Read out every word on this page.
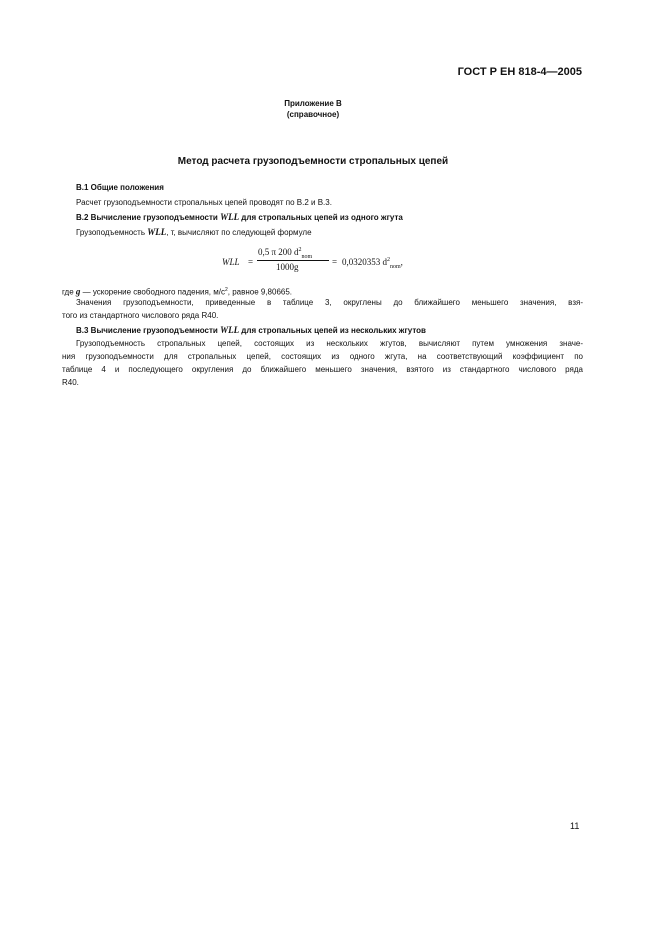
ГОСТ Р ЕН 818-4—2005
Приложение В
(справочное)
Метод расчета грузоподъемности стропальных цепей
В.1 Общие положения
Расчет грузоподъемности стропальных цепей проводят по В.2 и В.3.
В.2 Вычисление грузоподъемности WLL для стропальных цепей из одного жгута
Грузоподъемность WLL, т, вычисляют по следующей формуле
WLL =
0,5 π 200 $d^2_{nom}$
1000g	= 0,0320353 $d^2_{nom}$,
где g — ускорение свободного падения, $м/с^2$, равное 9,80665.
Значения грузоподъемности, приведенные в таблице 3, округлены до ближайшего меньшего значения, взя-
того из стандартного числового ряда R40.
В.3 Вычисление грузоподъемности WLL для стропальных цепей из нескольких жгутов
Грузоподъемность стропальных цепей, состоящих из нескольких жгутов, вычисляют путем умножения значе-
ния грузоподъемности для стропальных цепей, состоящих из одного жгута, на соответствующий коэффициент по
таблице 4 и последующего округления до ближайшего меньшего значения, взятого из стандартного числового ряда
R40.
11
